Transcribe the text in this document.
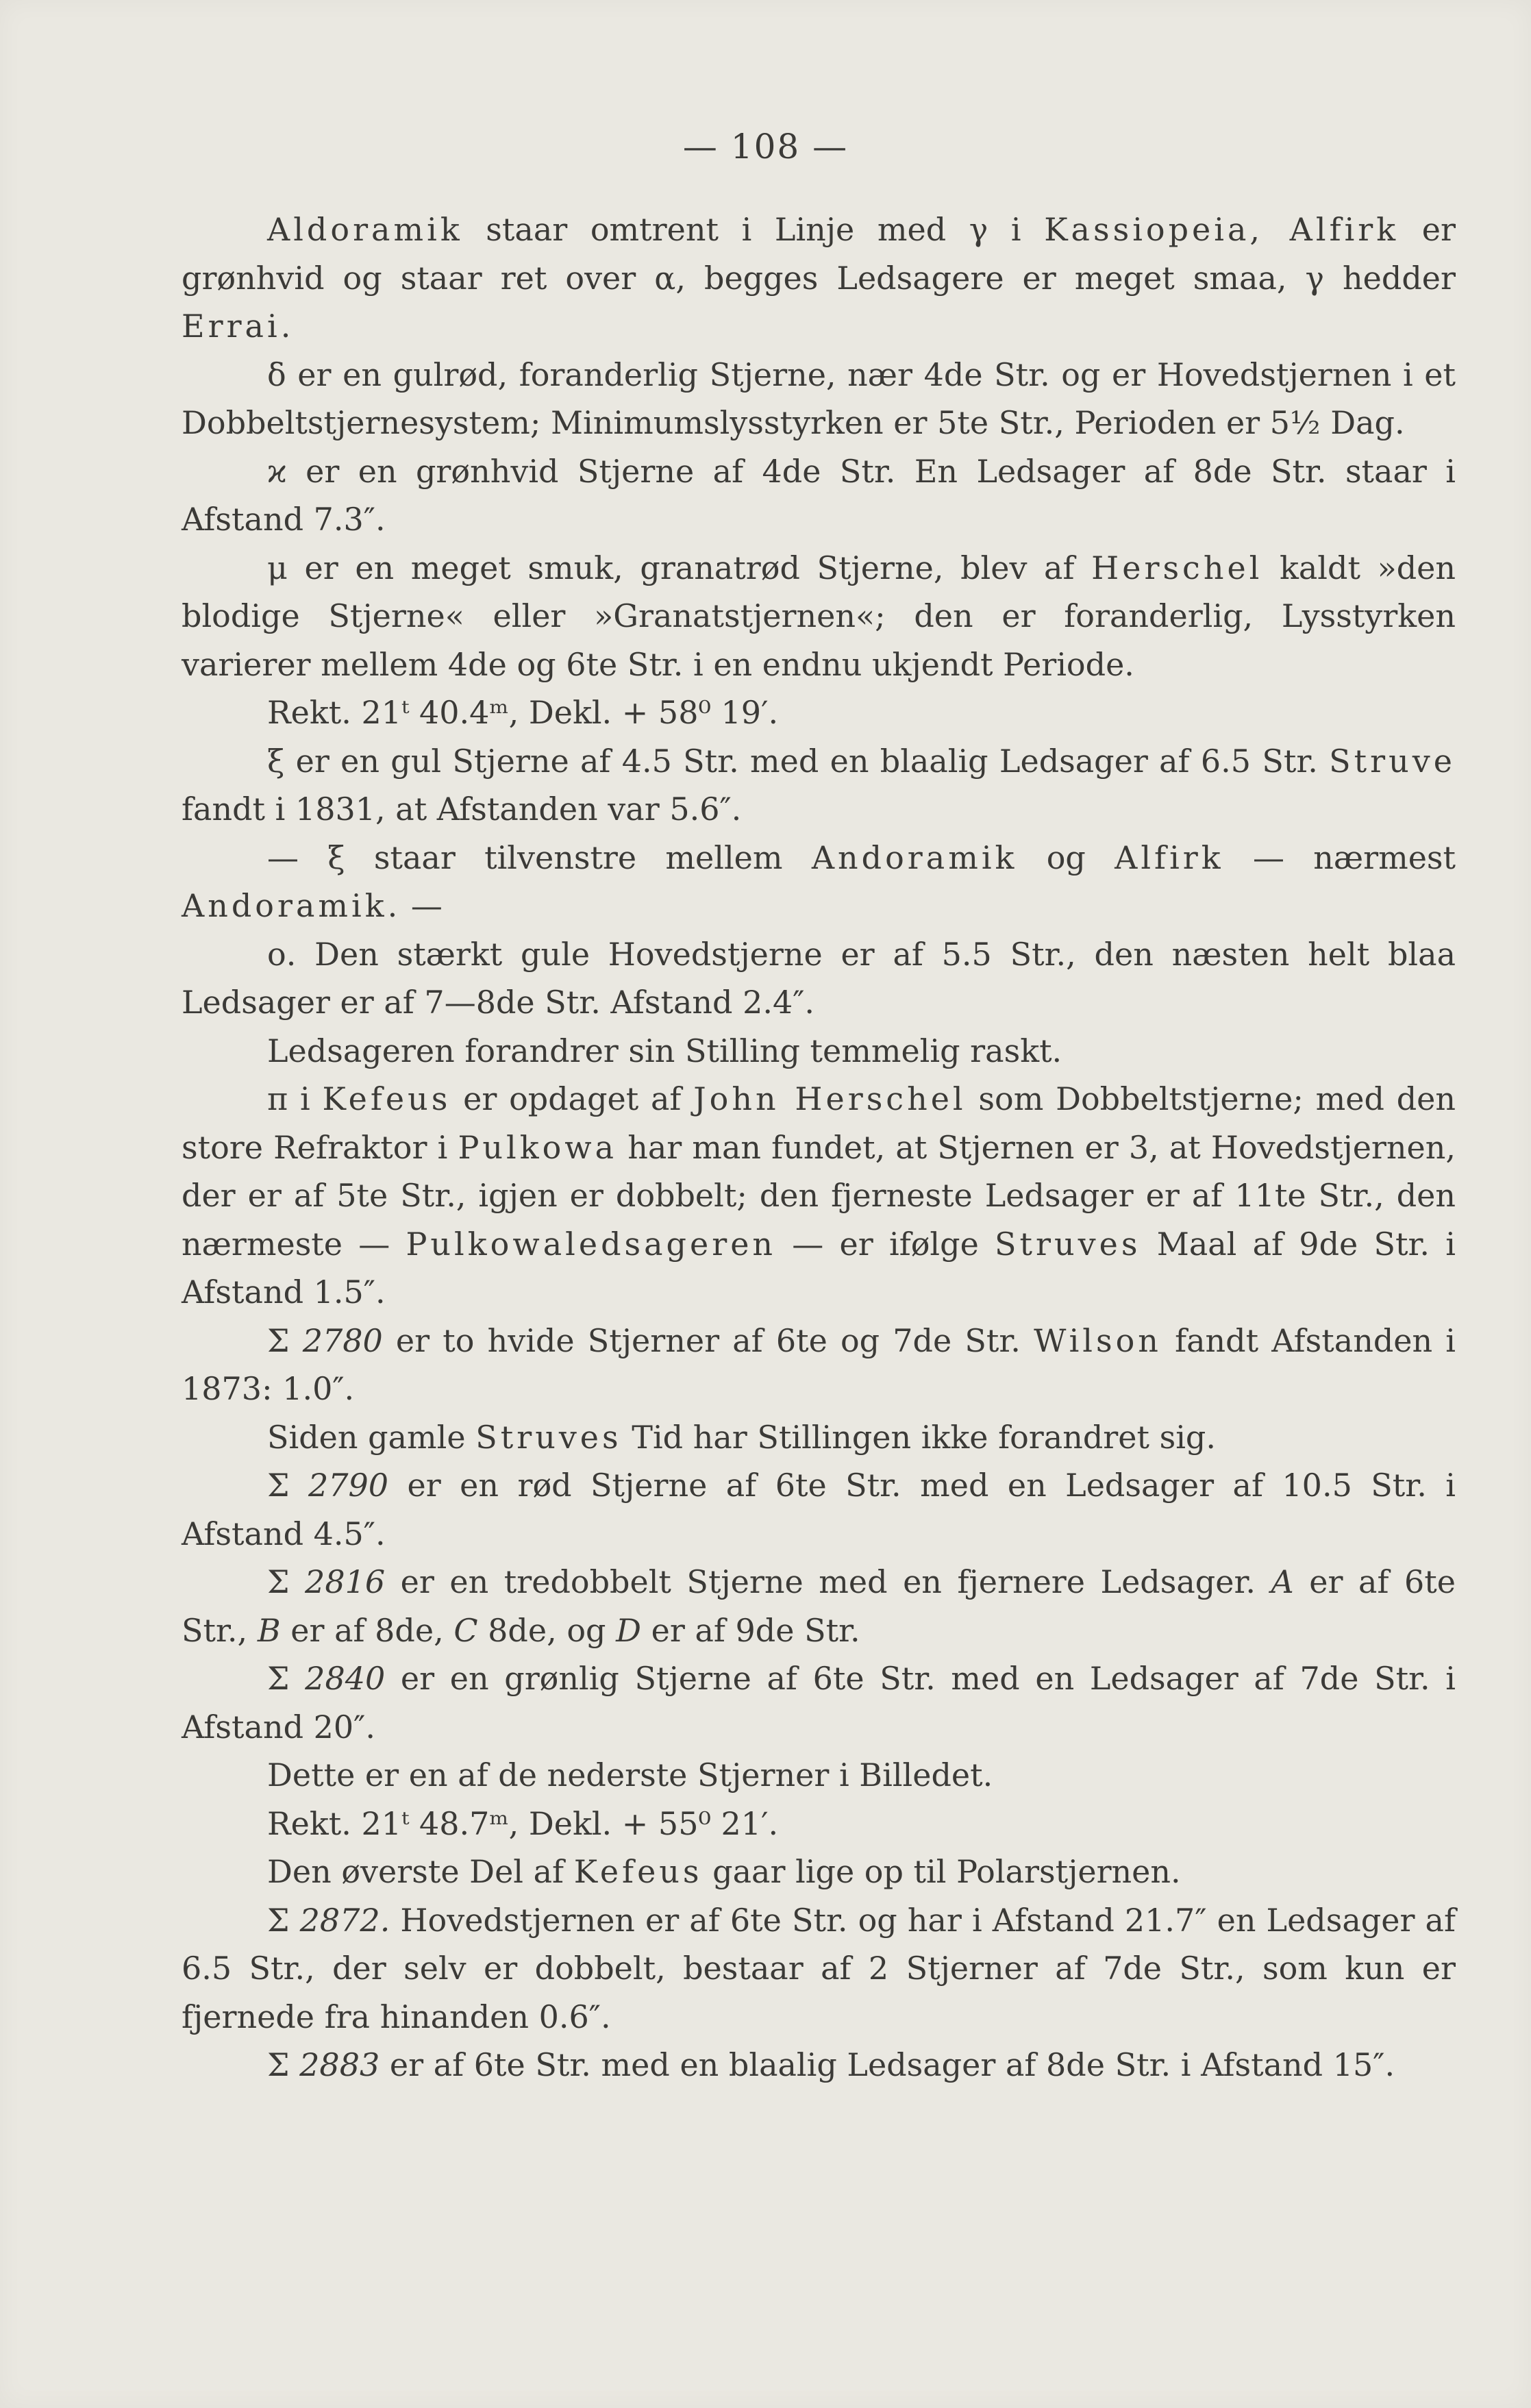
— 108 —

Aldoramik staar omtrent i Linje med γ i Kassiopeia, Alfirk er grønhvid og staar ret over α, begges Ledsagere er meget smaa, γ hedder Errai.

δ er en gulrød, foranderlig Stjerne, nær 4de Str. og er Hovedstjernen i et Dobbeltstjernesystem; Minimumslysstyrken er 5te Str., Perioden er 5½ Dag.

ϰ er en grønhvid Stjerne af 4de Str. En Ledsager af 8de Str. staar i Afstand 7.3″.

μ er en meget smuk, granatrød Stjerne, blev af Herschel kaldt »den blodige Stjerne« eller »Granatstjernen«; den er foranderlig, Lysstyrken varierer mellem 4de og 6te Str. i en endnu ukjendt Periode.

Rekt. 21ᵗ 40.4ᵐ, Dekl. + 58⁰ 19′.

ξ er en gul Stjerne af 4.5 Str. med en blaalig Ledsager af 6.5 Str. Struve fandt i 1831, at Afstanden var 5.6″.

— ξ staar tilvenstre mellem Andoramik og Alfirk — nærmest Andoramik. —

ο. Den stærkt gule Hovedstjerne er af 5.5 Str., den næsten helt blaa Ledsager er af 7—8de Str. Afstand 2.4″.

Ledsageren forandrer sin Stilling temmelig raskt.

π i Kefeus er opdaget af John Herschel som Dobbeltstjerne; med den store Refraktor i Pulkowa har man fundet, at Stjernen er 3, at Hovedstjernen, der er af 5te Str., igjen er dobbelt; den fjerneste Ledsager er af 11te Str., den nærmeste — Pulkowaledsageren — er ifølge Struves Maal af 9de Str. i Afstand 1.5″.

Σ 2780 er to hvide Stjerner af 6te og 7de Str. Wilson fandt Afstanden i 1873: 1.0″.

Siden gamle Struves Tid har Stillingen ikke forandret sig.

Σ 2790 er en rød Stjerne af 6te Str. med en Ledsager af 10.5 Str. i Afstand 4.5″.

Σ 2816 er en tredobbelt Stjerne med en fjernere Ledsager. A er af 6te Str., B er af 8de, C 8de, og D er af 9de Str.

Σ 2840 er en grønlig Stjerne af 6te Str. med en Ledsager af 7de Str. i Afstand 20″.

Dette er en af de nederste Stjerner i Billedet.

Rekt. 21ᵗ 48.7ᵐ, Dekl. + 55⁰ 21′.

Den øverste Del af Kefeus gaar lige op til Polarstjernen.

Σ 2872. Hovedstjernen er af 6te Str. og har i Afstand 21.7″ en Ledsager af 6.5 Str., der selv er dobbelt, bestaar af 2 Stjerner af 7de Str., som kun er fjernede fra hinanden 0.6″.

Σ 2883 er af 6te Str. med en blaalig Ledsager af 8de Str. i Afstand 15″.
